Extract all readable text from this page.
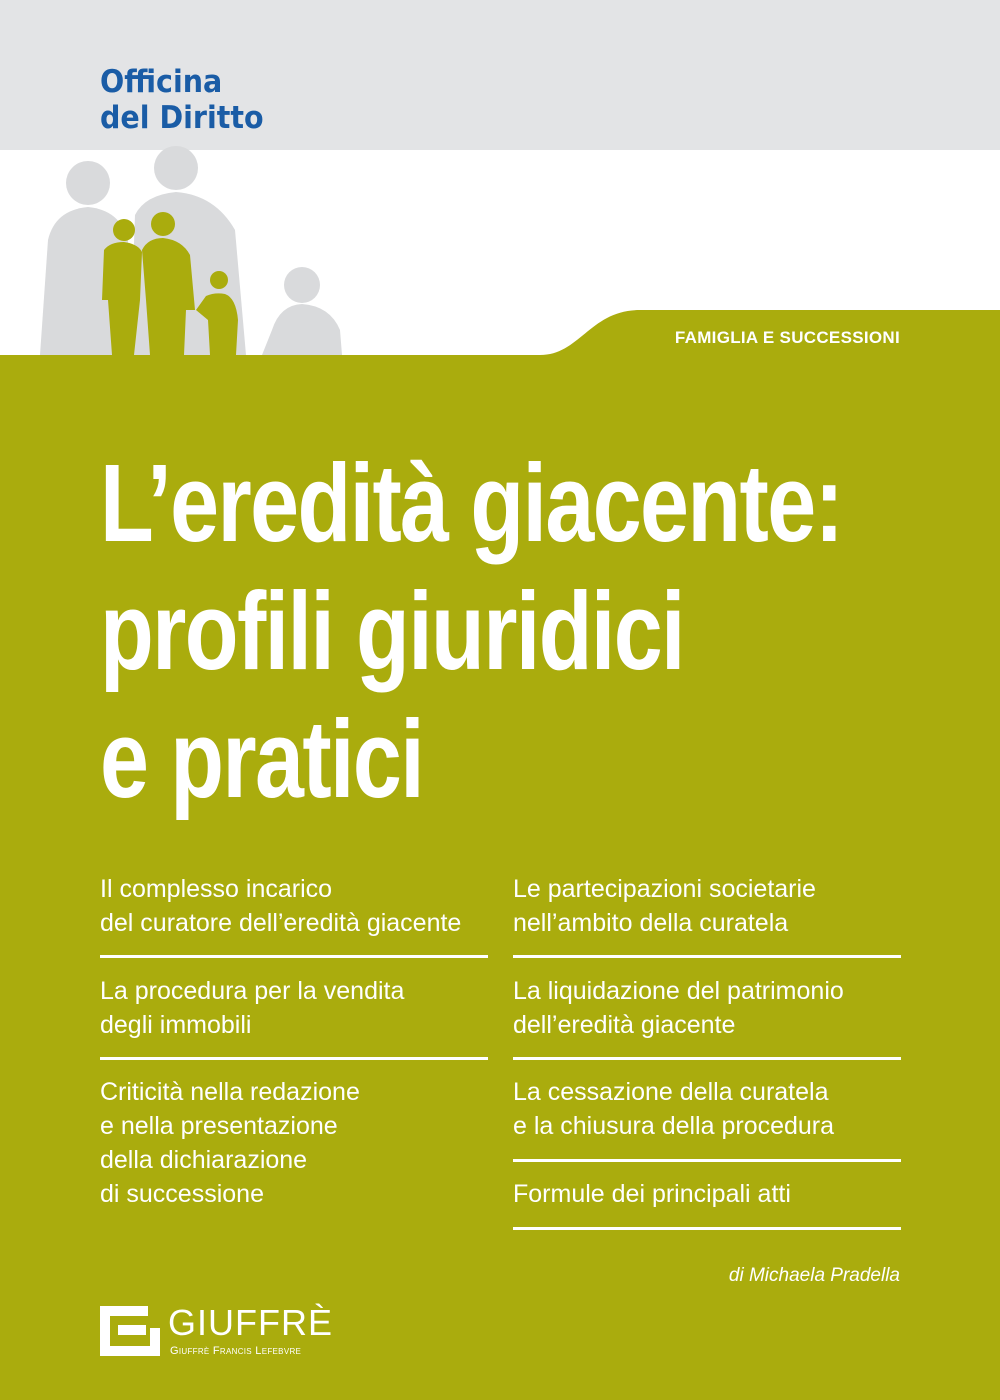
Officina
del Diritto
FAMIGLIA E SUCCESSIONI
L’eredità giacente:
profili giuridici
e pratici
Il complesso incarico
del curatore dell’eredità giacente
La procedura per la vendita
degli immobili
Criticità nella redazione
e nella presentazione
della dichiarazione
di successione
Le partecipazioni societarie
nell’ambito della curatela
La liquidazione del patrimonio
dell’eredità giacente
La cessazione della curatela
e la chiusura della procedura
Formule dei principali atti
di Michaela Pradella
GIUFFRÈ
Giuffrè Francis Lefebvre
